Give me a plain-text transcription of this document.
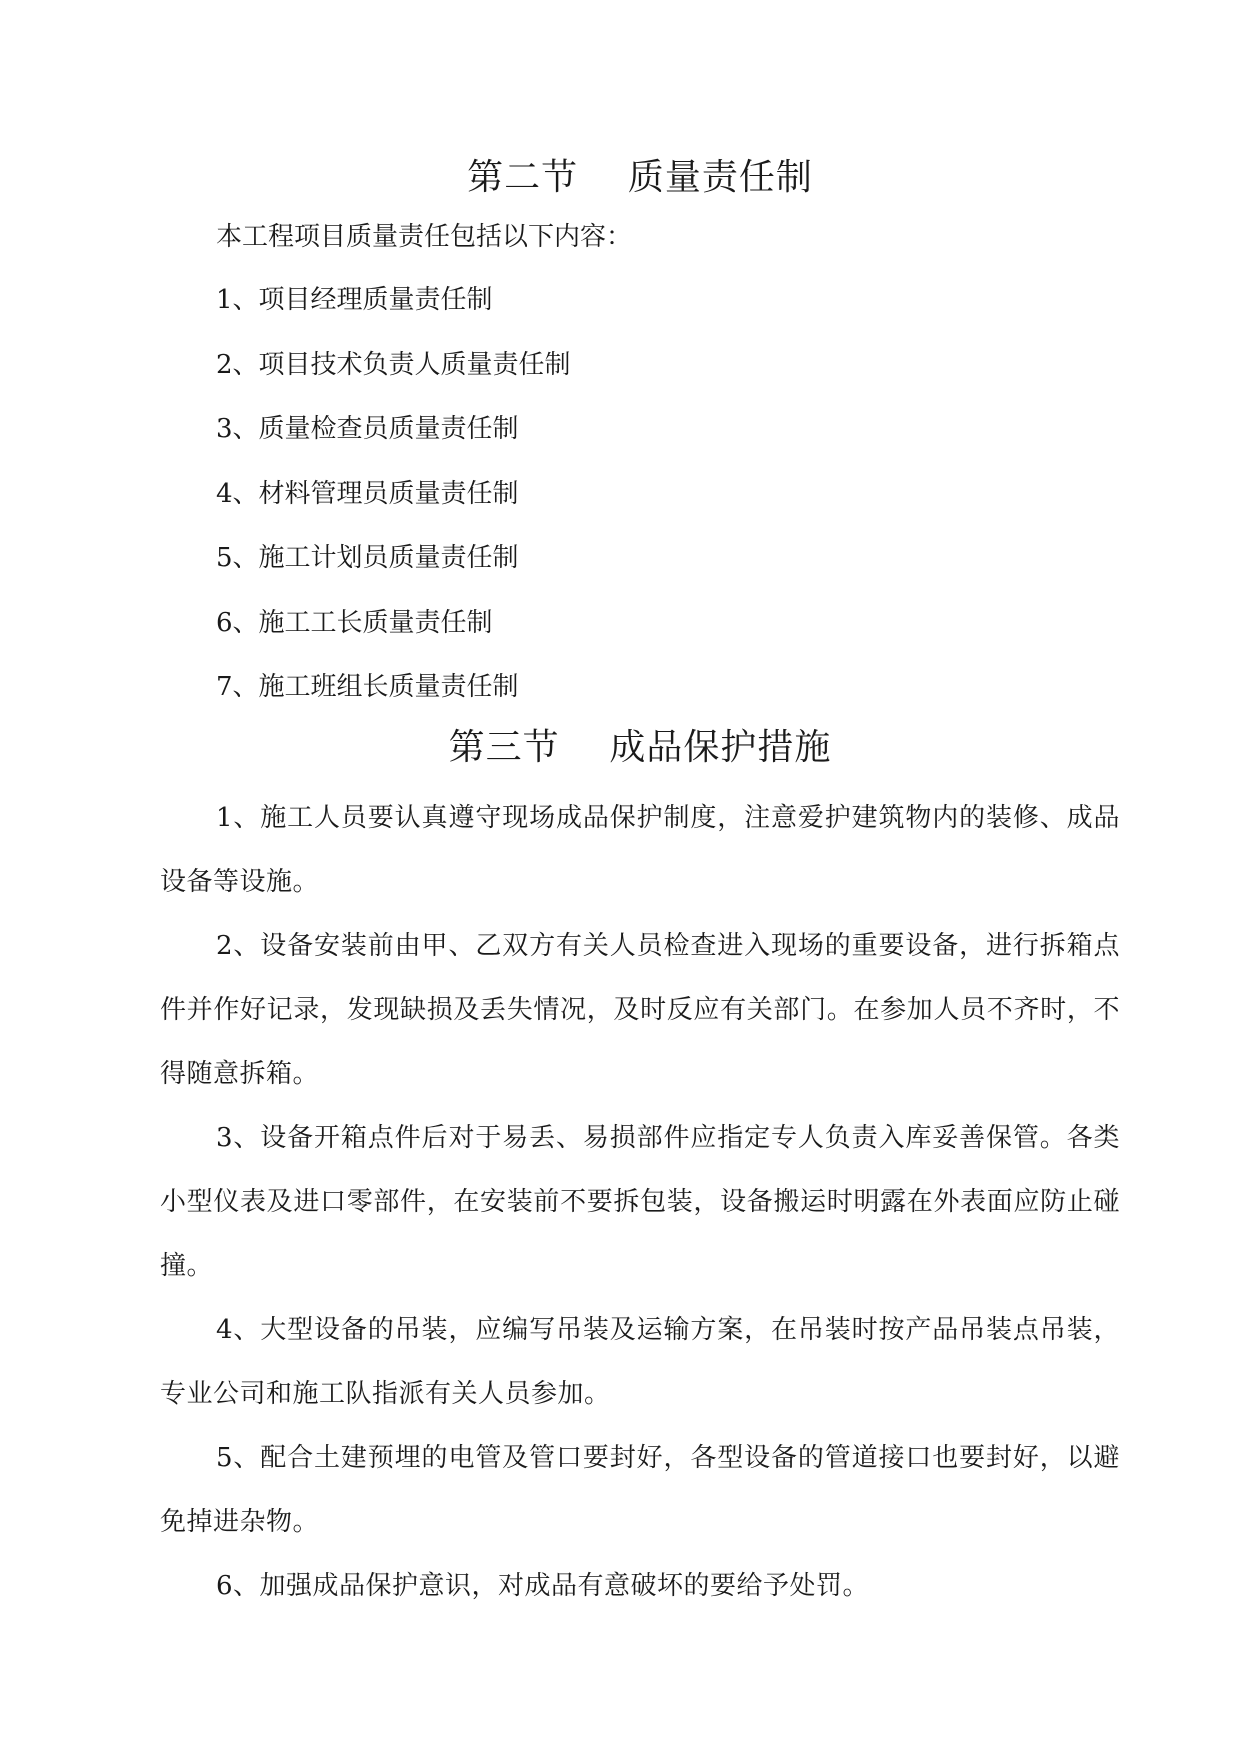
第二节    质量责任制
本工程项目质量责任包括以下内容：
1、项目经理质量责任制
2、项目技术负责人质量责任制
3、质量检查员质量责任制
4、材料管理员质量责任制
5、施工计划员质量责任制
6、施工工长质量责任制
7、施工班组长质量责任制
第三节    成品保护措施

1、施工人员要认真遵守现场成品保护制度，注意爱护建筑物内的装修、成品设备等设施。

2、设备安装前由甲、乙双方有关人员检查进入现场的重要设备，进行拆箱点件并作好记录，发现缺损及丢失情况，及时反应有关部门。在参加人员不齐时，不得随意拆箱。

3、设备开箱点件后对于易丢、易损部件应指定专人负责入库妥善保管。各类小型仪表及进口零部件，在安装前不要拆包装，设备搬运时明露在外表面应防止碰撞。

4、大型设备的吊装，应编写吊装及运输方案，在吊装时按产品吊装点吊装，专业公司和施工队指派有关人员参加。

5、配合土建预埋的电管及管口要封好，各型设备的管道接口也要封好，以避免掉进杂物。

6、加强成品保护意识，对成品有意破坏的要给予处罚。
